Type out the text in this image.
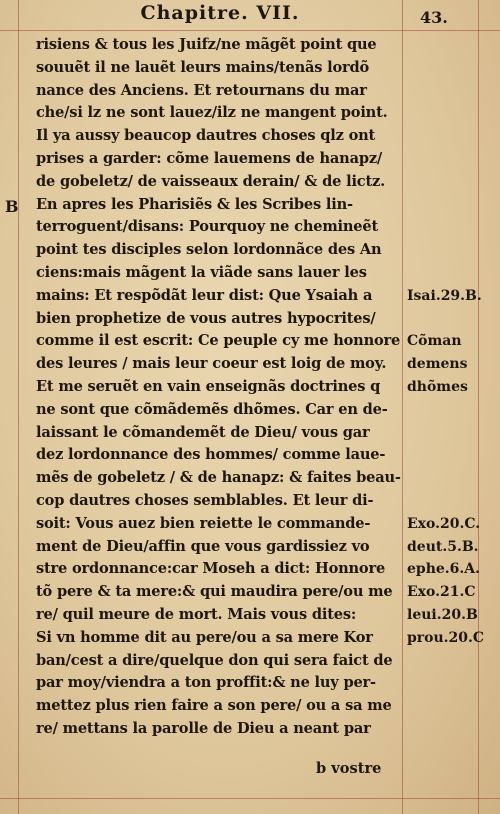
Chapitre. VII.	43.
B
risiens & tous les Juifz/ne mãgẽt point que
souuẽt il ne lauẽt leurs mains/tenãs lordõ
nance des Anciens. Et retournans du mar
che/si lz ne sont lauez/ilz ne mangent point.
Il ya aussy beaucop dautres choses qlz ont
prises a garder: cõme lauemens de hanapz/
de gobeletz/ de vaisseaux derain/ & de lictz.
En apres les Pharisiẽs & les Scribes lin-
terroguent/disans: Pourquoy ne chemineẽt
point tes disciples selon lordonnãce des An
ciens:mais mãgent la viãde sans lauer les
mains: Et respõdãt leur dist: Que Ysaiah a
bien prophetize de vous autres hypocrites/
comme il est escrit: Ce peuple cy me honnore
des leures / mais leur coeur est loig de moy.
Et me seruẽt en vain enseignãs doctrines q
ne sont que cõmãdemẽs dhõmes. Car en de-
laissant le cõmandemẽt de Dieu/ vous gar
dez lordonnance des hommes/ comme laue-
mẽs de gobeletz / & de hanapz: & faites beau-
cop dautres choses semblables. Et leur di-
soit: Vous auez bien reiette le commande-
ment de Dieu/affin que vous gardissiez vo
stre ordonnance:car Moseh a dict: Honnore
tõ pere & ta mere:& qui maudira pere/ou me
re/ quil meure de mort. Mais vous dites:
Si vn homme dit au pere/ou a sa mere Kor
ban/cest a dire/quelque don qui sera faict de
par moy/viendra a ton proffit:& ne luy per-
mettez plus rien faire a son pere/ ou a sa me
re/ mettans la parolle de Dieu a neant par
Isai.29.B.
Cõman
demens
dhõmes
Exo.20.C.
deut.5.B.
ephe.6.A.
Exo.21.C
leui.20.B
prou.20.C
b vostre
